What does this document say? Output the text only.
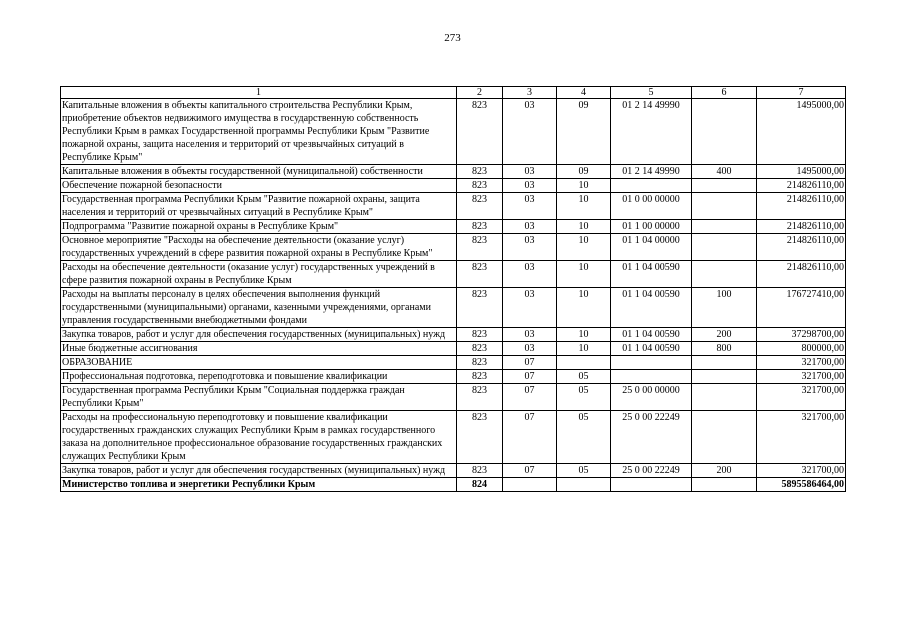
273
1	2	3	4	5	6	7
Капитальные вложения в объекты капитального строительства Республики Крым, приобретение объектов недвижимого имущества в государственную собственность Республики Крым в рамках Государственной программы Республики Крым "Развитие пожарной охраны, защита населения и территорий от чрезвычайных ситуаций в Республике Крым"	823	03	09	01 2 14 49990		1495000,00
Капитальные вложения в объекты государственной (муниципальной) собственности	823	03	09	01 2 14 49990	400	1495000,00
Обеспечение пожарной безопасности	823	03	10			214826110,00
Государственная программа Республики Крым "Развитие пожарной охраны, защита населения и территорий от чрезвычайных ситуаций в Республике Крым"	823	03	10	01 0 00 00000		214826110,00
Подпрограмма "Развитие пожарной охраны в Республике Крым"	823	03	10	01 1 00 00000		214826110,00
Основное мероприятие "Расходы на обеспечение деятельности (оказание услуг) государственных учреждений в сфере развития пожарной охраны в Республике Крым"	823	03	10	01 1 04 00000		214826110,00
Расходы на обеспечение деятельности (оказание услуг) государственных учреждений в сфере развития пожарной охраны в Республике Крым	823	03	10	01 1 04 00590		214826110,00
Расходы на выплаты персоналу в целях обеспечения выполнения функций государственными (муниципальными) органами, казенными учреждениями, органами управления государственными внебюджетными фондами	823	03	10	01 1 04 00590	100	176727410,00
Закупка товаров, работ и услуг для обеспечения государственных (муниципальных) нужд	823	03	10	01 1 04 00590	200	37298700,00
Иные бюджетные ассигнования	823	03	10	01 1 04 00590	800	800000,00
ОБРАЗОВАНИЕ	823	07				321700,00
Профессиональная подготовка, переподготовка и повышение квалификации	823	07	05			321700,00
Государственная программа Республики Крым "Социальная поддержка граждан Республики Крым"	823	07	05	25 0 00 00000		321700,00
Расходы на профессиональную переподготовку и повышение квалификации государственных гражданских служащих Республики Крым в рамках государственного заказа на дополнительное профессиональное образование государственных гражданских служащих Республики Крым	823	07	05	25 0 00 22249		321700,00
Закупка товаров, работ и услуг для обеспечения государственных (муниципальных) нужд	823	07	05	25 0 00 22249	200	321700,00
Министерство топлива и энергетики Республики Крым	824					5895586464,00
